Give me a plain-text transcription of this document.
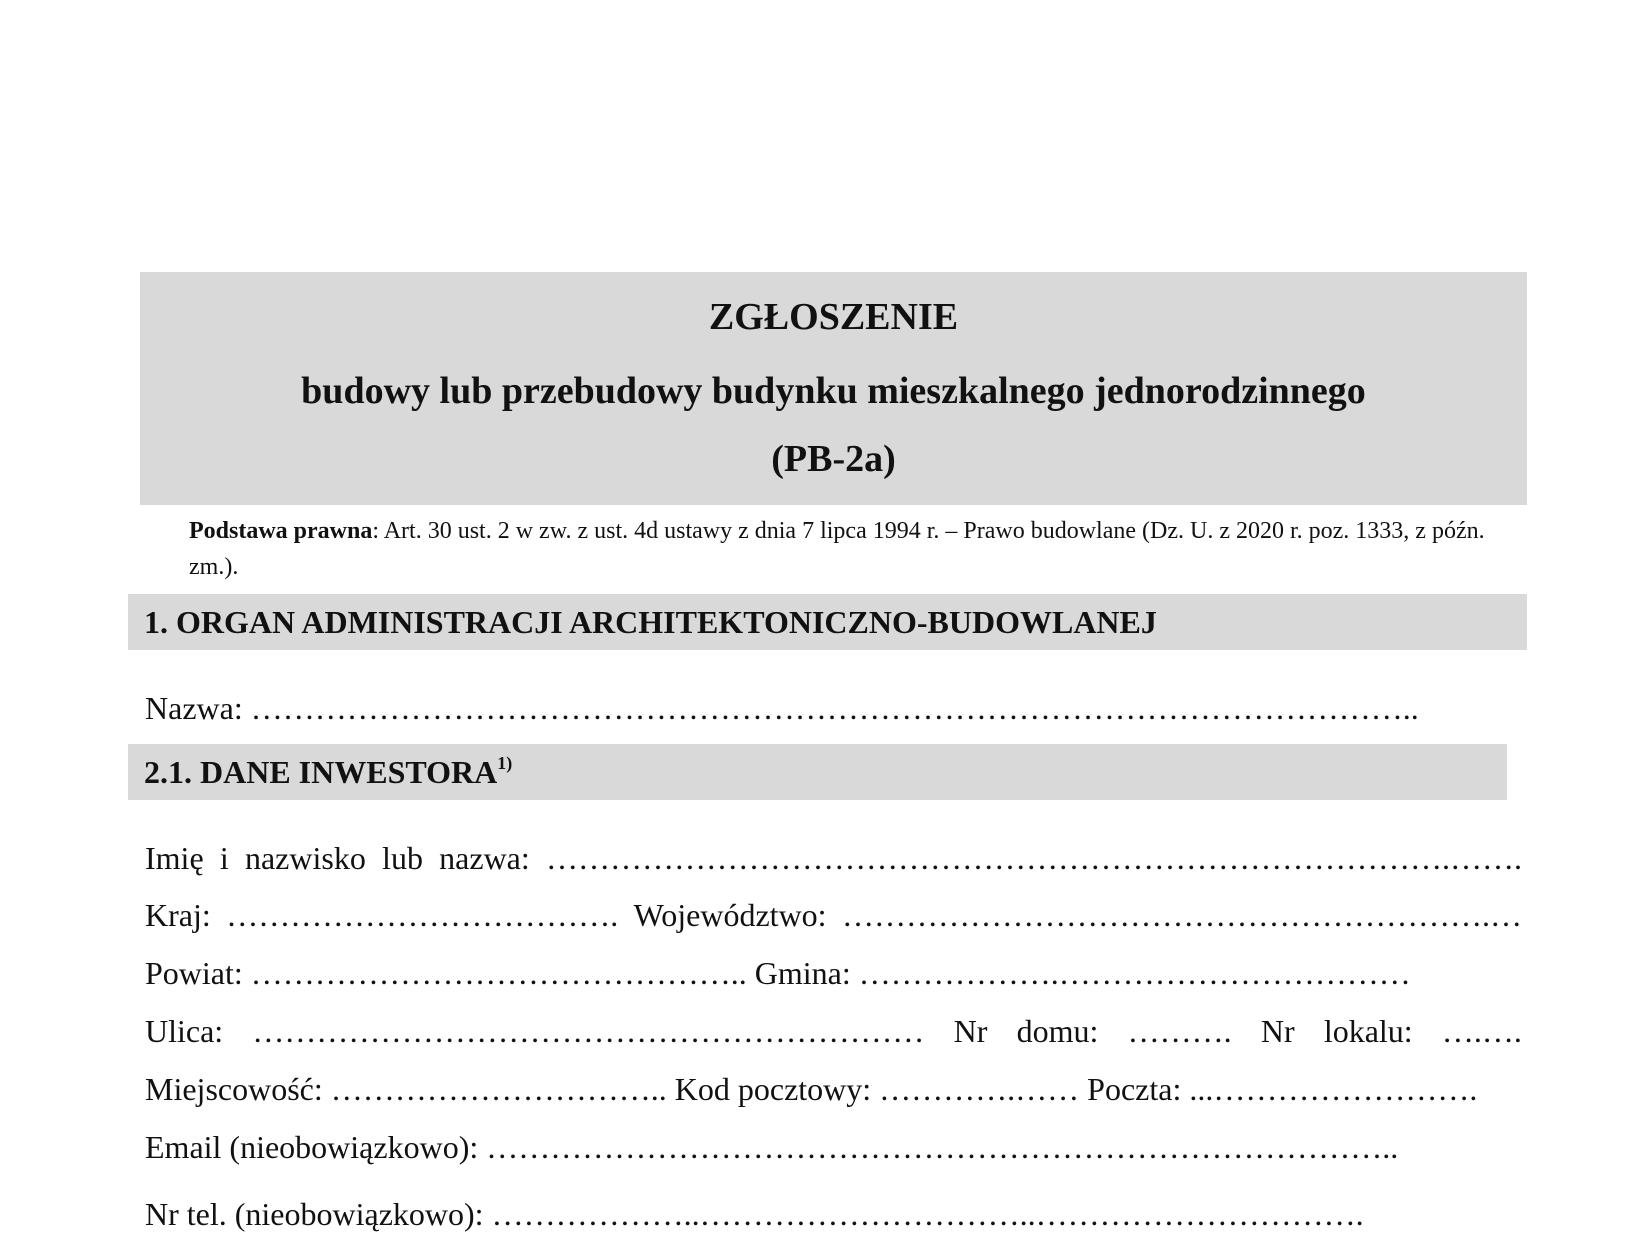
ZGŁOSZENIE
budowy lub przebudowy budynku mieszkalnego jednorodzinnego
(PB-2a)
Podstawa prawna: Art. 30 ust. 2 w zw. z ust. 4d ustawy z dnia 7 lipca 1994 r. – Prawo budowlane (Dz. U. z 2020 r. poz. 1333, z późn. zm.).
1. ORGAN ADMINISTRACJI ARCHITEKTONICZNO-BUDOWLANEJ
Nazwa: ………………………………………………………………………………………………..
2.1. DANE INWESTORA$^{1)}$
Imię i nazwisko lub nazwa: ………………………………………………………………………….…….
Kraj: ………………………………. Województwo: …………………………………………………….…
Powiat: ……………………………………….. Gmina: ……………….……………………………
Ulica: ……………………………………………………… Nr domu: ………. Nr lokalu: ….….
Miejscowość: ………………………….. Kod pocztowy: ………….…… Poczta: ...…………………….
Email (nieobowiązkowo): …………………………………………………………………………..
Nr tel. (nieobowiązkowo): ………………..…………………………..………………………….
